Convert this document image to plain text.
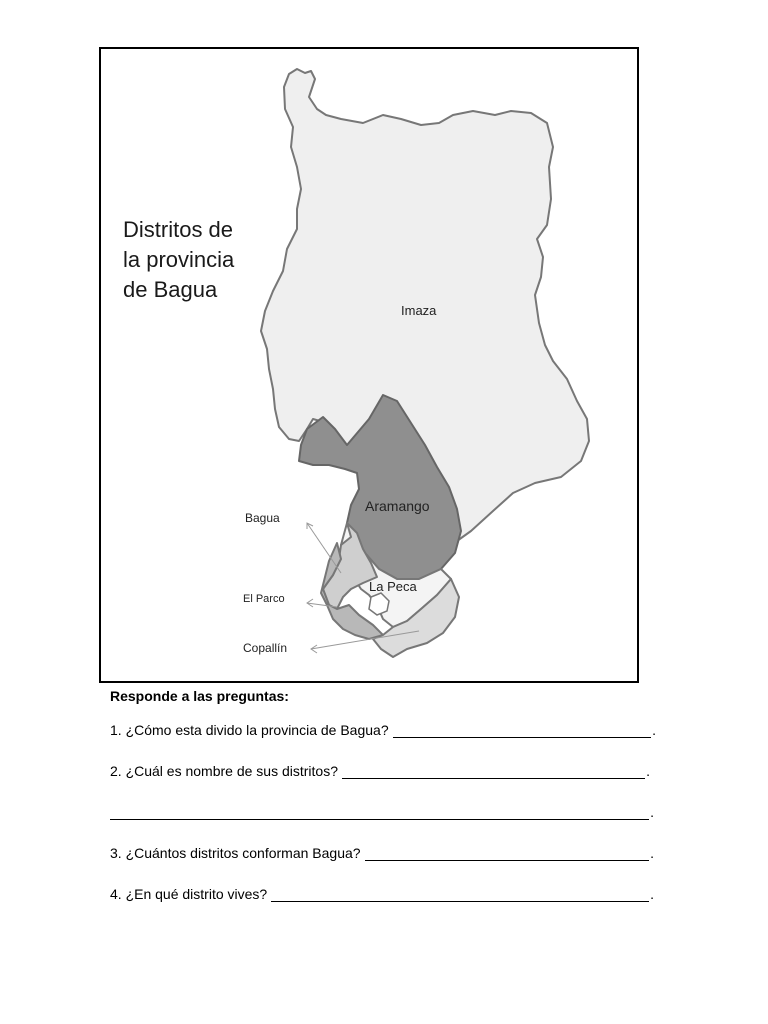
Imaza
Aramango
La Peca
Distritos de
la provincia
de Bagua
Bagua
El Parco
Copallín
Responde a las preguntas:
1. ¿Cómo esta divido la provincia de Bagua?	.
2. ¿Cuál es nombre de sus distritos?	.
.
3. ¿Cuántos distritos conforman Bagua?	.
4. ¿En qué distrito vives?	.
